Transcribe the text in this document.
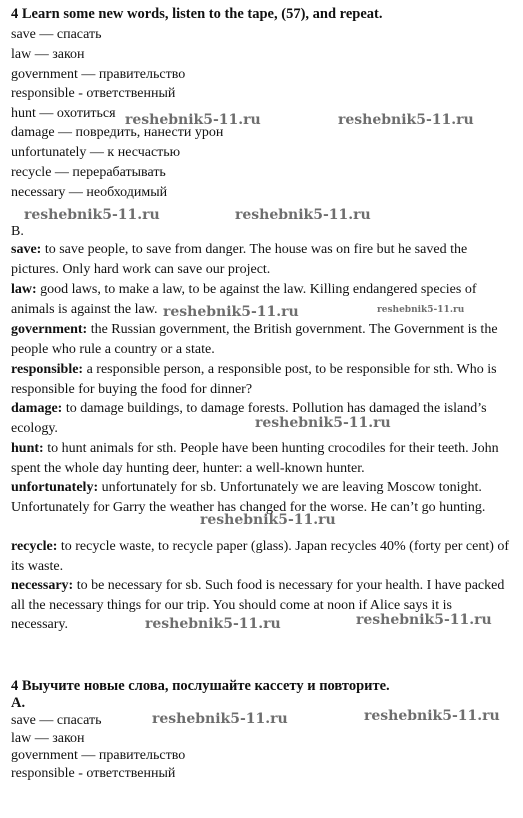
4 Learn some new words, listen to the tape, (57), and repeat.
save — спасать
law — закон
government — правительство
responsible - ответственный
hunt — охотиться
damage — повредить, нанести урон
unfortunately — к несчастью
recycle — перерабатывать
necessary — необходимый
B.
save: to save people, to save from danger. The house was on fire but he saved the pictures. Only hard work can save our project.
law: good laws, to make a law, to be against the law. Killing endangered species of animals is against the law.
government: the Russian government, the British government. The Government is the people who rule a country or a state.
responsible: a responsible person, a responsible post, to be responsible for sth. Who is responsible for buying the food for dinner?
damage: to damage buildings, to damage forests. Pollution has damaged the island’s ecology.
hunt: to hunt animals for sth. People have been hunting crocodiles for their teeth. John spent the whole day hunting deer, hunter: a well-known hunter.
unfortunately: unfortunately for sb. Unfortunately we are leaving Moscow tonight. Unfortunately for Garry the weather has changed for the worse. He can’t go hunting.
recycle: to recycle waste, to recycle paper (glass). Japan recycles 40% (forty per cent) of its waste.
necessary: to be necessary for sb. Such food is necessary for your health. I have packed all the necessary things for our trip. You should come at noon if Alice says it is necessary.
4 Выучите новые слова, послушайте кассету и повторите.
A.
save — спасать
law — закон
government — правительство
responsible - ответственный
reshebnik5-11.ru	reshebnik5-11.ru
reshebnik5-11.ru	reshebnik5-11.ru
reshebnik5-11.ru	reshebnik5-11.ru
reshebnik5-11.ru
reshebnik5-11.ru
reshebnik5-11.ru	reshebnik5-11.ru
reshebnik5-11.ru	reshebnik5-11.ru
